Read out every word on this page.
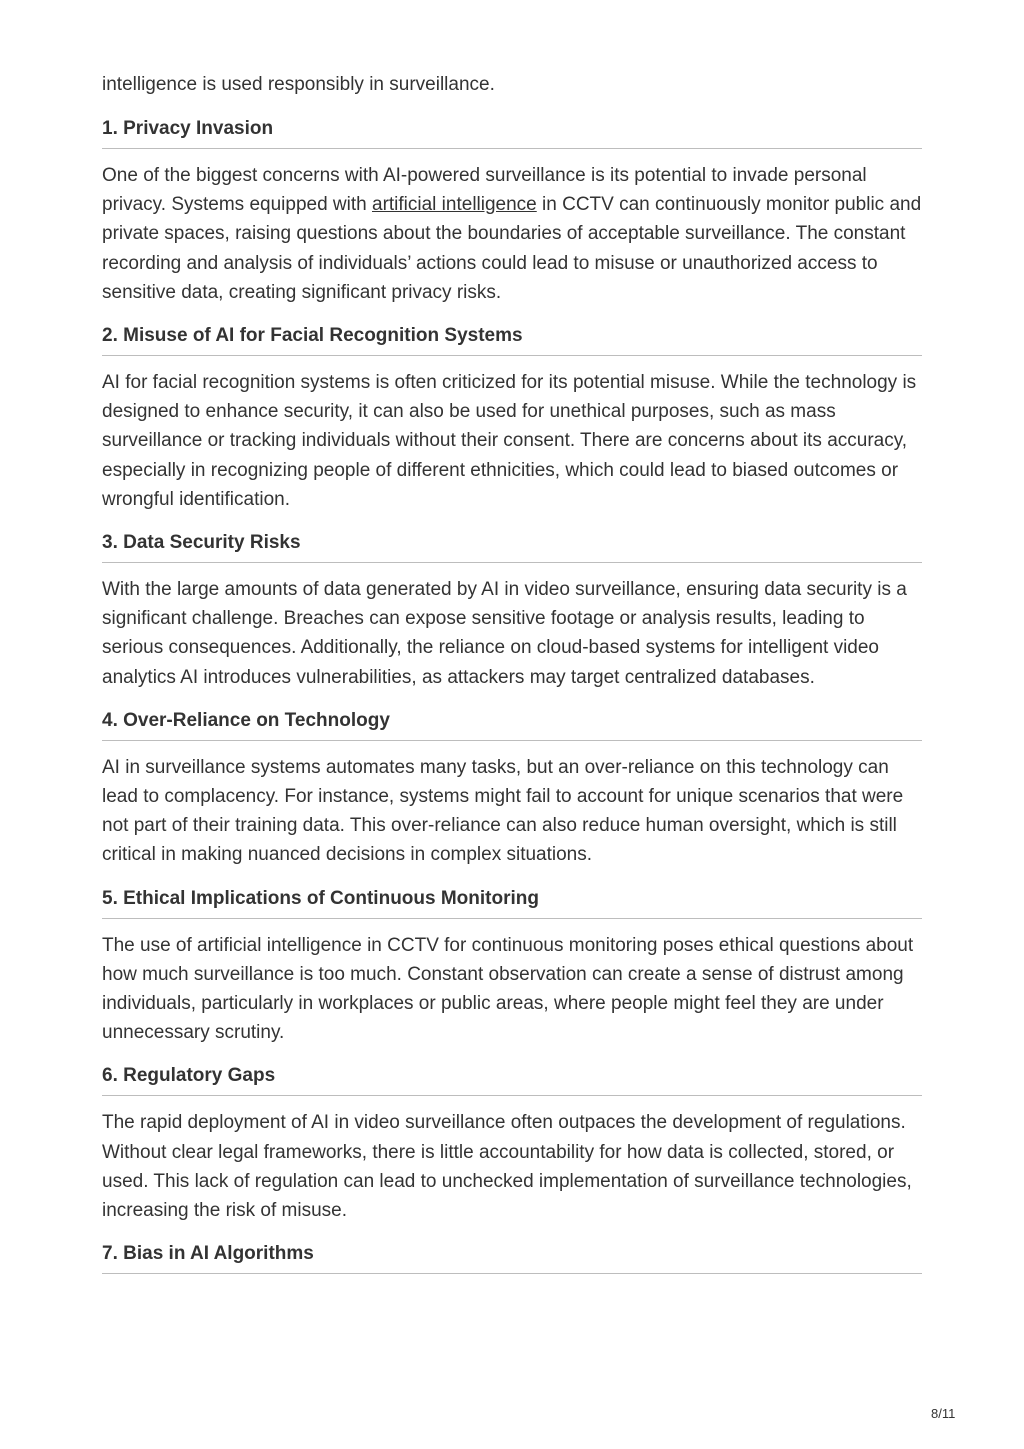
intelligence is used responsibly in surveillance.

1. Privacy Invasion

One of the biggest concerns with AI-powered surveillance is its potential to invade personal privacy. Systems equipped with artificial intelligence in CCTV can continuously monitor public and private spaces, raising questions about the boundaries of acceptable surveillance. The constant recording and analysis of individuals’ actions could lead to misuse or unauthorized access to sensitive data, creating significant privacy risks.

2. Misuse of AI for Facial Recognition Systems

AI for facial recognition systems is often criticized for its potential misuse. While the technology is designed to enhance security, it can also be used for unethical purposes, such as mass surveillance or tracking individuals without their consent. There are concerns about its accuracy, especially in recognizing people of different ethnicities, which could lead to biased outcomes or wrongful identification.

3. Data Security Risks

With the large amounts of data generated by AI in video surveillance, ensuring data security is a significant challenge. Breaches can expose sensitive footage or analysis results, leading to serious consequences. Additionally, the reliance on cloud-based systems for intelligent video analytics AI introduces vulnerabilities, as attackers may target centralized databases.

4. Over-Reliance on Technology

AI in surveillance systems automates many tasks, but an over-reliance on this technology can lead to complacency. For instance, systems might fail to account for unique scenarios that were not part of their training data. This over-reliance can also reduce human oversight, which is still critical in making nuanced decisions in complex situations.

5. Ethical Implications of Continuous Monitoring

The use of artificial intelligence in CCTV for continuous monitoring poses ethical questions about how much surveillance is too much. Constant observation can create a sense of distrust among individuals, particularly in workplaces or public areas, where people might feel they are under unnecessary scrutiny.

6. Regulatory Gaps

The rapid deployment of AI in video surveillance often outpaces the development of regulations. Without clear legal frameworks, there is little accountability for how data is collected, stored, or used. This lack of regulation can lead to unchecked implementation of surveillance technologies, increasing the risk of misuse.

7. Bias in AI Algorithms
8/11
